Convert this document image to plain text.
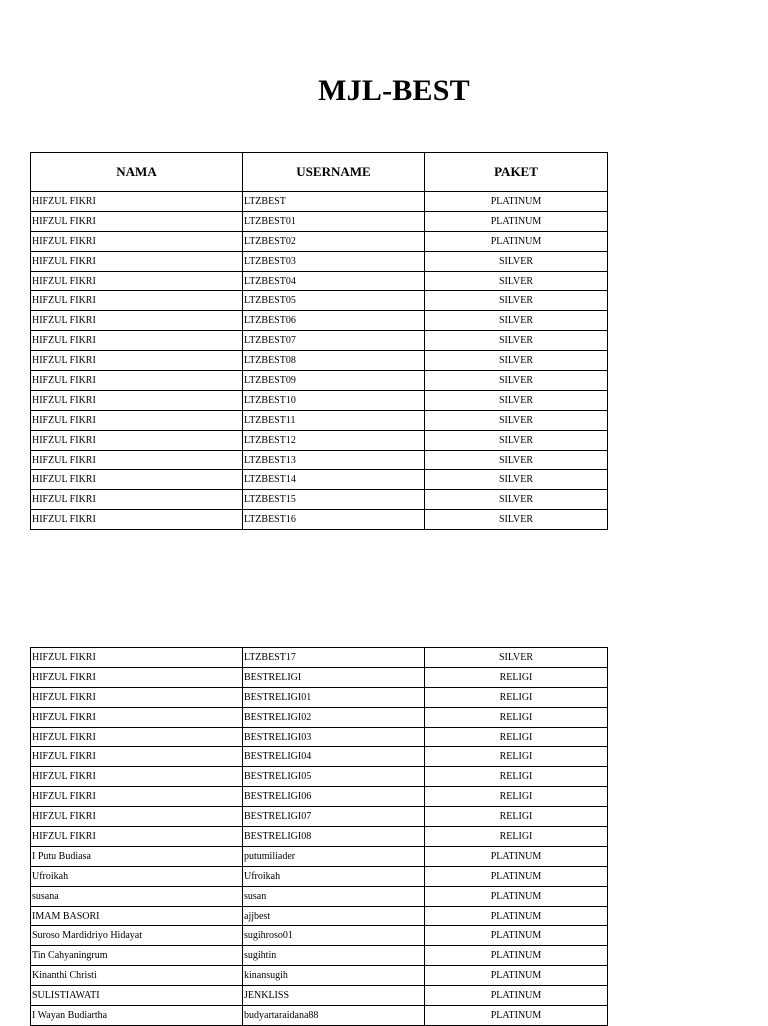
MJL-BEST
NAMA	USERNAME	PAKET
HIFZUL FIKRI	LTZBEST	PLATINUM
HIFZUL FIKRI	LTZBEST01	PLATINUM
HIFZUL FIKRI	LTZBEST02	PLATINUM
HIFZUL FIKRI	LTZBEST03	SILVER
HIFZUL FIKRI	LTZBEST04	SILVER
HIFZUL FIKRI	LTZBEST05	SILVER
HIFZUL FIKRI	LTZBEST06	SILVER
HIFZUL FIKRI	LTZBEST07	SILVER
HIFZUL FIKRI	LTZBEST08	SILVER
HIFZUL FIKRI	LTZBEST09	SILVER
HIFZUL FIKRI	LTZBEST10	SILVER
HIFZUL FIKRI	LTZBEST11	SILVER
HIFZUL FIKRI	LTZBEST12	SILVER
HIFZUL FIKRI	LTZBEST13	SILVER
HIFZUL FIKRI	LTZBEST14	SILVER
HIFZUL FIKRI	LTZBEST15	SILVER
HIFZUL FIKRI	LTZBEST16	SILVER
HIFZUL FIKRI	LTZBEST17	SILVER
HIFZUL FIKRI	BESTRELIGI	RELIGI
HIFZUL FIKRI	BESTRELIGI01	RELIGI
HIFZUL FIKRI	BESTRELIGI02	RELIGI
HIFZUL FIKRI	BESTRELIGI03	RELIGI
HIFZUL FIKRI	BESTRELIGI04	RELIGI
HIFZUL FIKRI	BESTRELIGI05	RELIGI
HIFZUL FIKRI	BESTRELIGI06	RELIGI
HIFZUL FIKRI	BESTRELIGI07	RELIGI
HIFZUL FIKRI	BESTRELIGI08	RELIGI
I Putu Budiasa	putumiliader	PLATINUM
Ufroikah	Ufroikah	PLATINUM
susana	susan	PLATINUM
IMAM BASORI	ajjbest	PLATINUM
Suroso Mardidriyo Hidayat	sugihroso01	PLATINUM
Tin Cahyaningrum	sugihtin	PLATINUM
Kinanthi Christi	kinansugih	PLATINUM
SULISTIAWATI	JENKLISS	PLATINUM
I Wayan Budiartha	budyartaraidana88	PLATINUM
